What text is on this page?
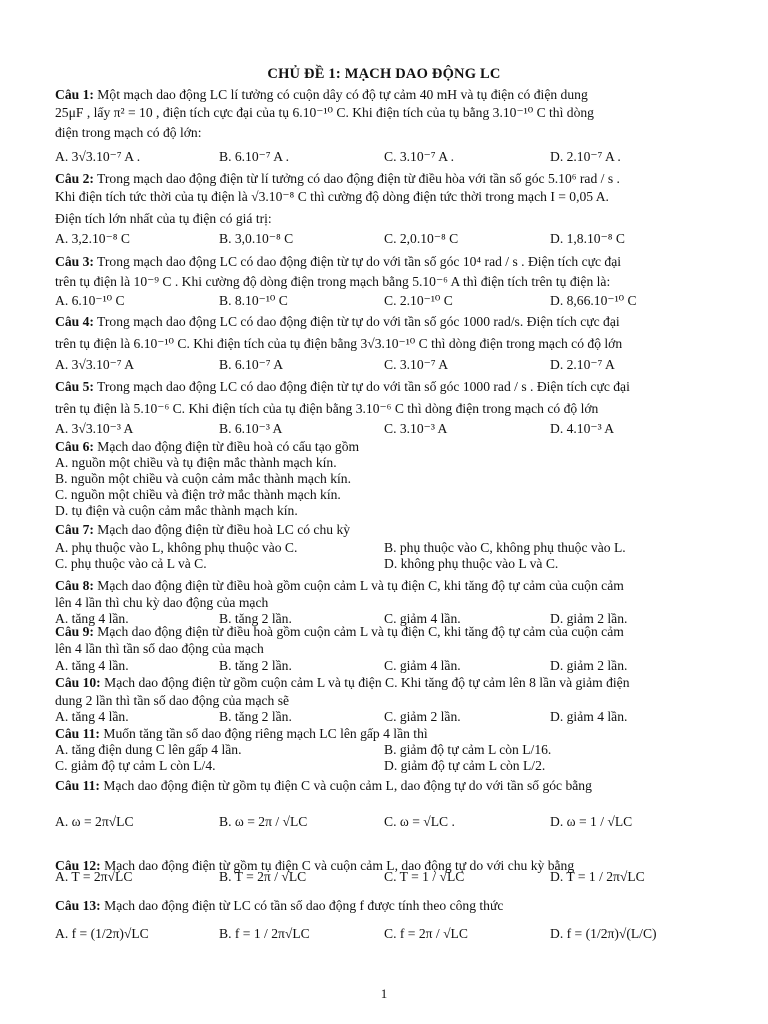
CHỦ ĐỀ 1: MẠCH DAO ĐỘNG LC
Câu 1: Một mạch dao động LC lí tưởng có cuộn dây có độ tự cảm 40 mH và tụ điện có điện dung
25μF , lấy π² = 10 , điện tích cực đại của tụ 6.10⁻¹⁰ C. Khi điện tích của tụ bằng 3.10⁻¹⁰ C thì dòng
điện trong mạch có độ lớn:
A. 3√3.10⁻⁷ A .	B. 6.10⁻⁷ A .	C. 3.10⁻⁷ A .	D. 2.10⁻⁷ A .
Câu 2: Trong mạch dao động điện từ lí tưởng có dao động điện từ điều hòa với tần số góc 5.10⁶ rad / s .
Khi điện tích tức thời của tụ điện là √3.10⁻⁸ C thì cường độ dòng điện tức thời trong mạch I = 0,05 A.
Điện tích lớn nhất của tụ điện có giá trị:
A. 3,2.10⁻⁸ C	B. 3,0.10⁻⁸ C	C. 2,0.10⁻⁸ C	D. 1,8.10⁻⁸ C
Câu 3: Trong mạch dao động LC có dao động điện từ tự do với tần số góc 10⁴ rad / s . Điện tích cực đại
trên tụ điện là 10⁻⁹ C . Khi cường độ dòng điện trong mạch bằng 5.10⁻⁶ A thì điện tích trên tụ điện là:
A. 6.10⁻¹⁰ C	B. 8.10⁻¹⁰ C	C. 2.10⁻¹⁰ C	D. 8,66.10⁻¹⁰ C
Câu 4: Trong mạch dao động LC có dao động điện từ tự do với tần số góc 1000 rad/s. Điện tích cực đại
trên tụ điện là 6.10⁻¹⁰ C. Khi điện tích của tụ điện bằng 3√3.10⁻¹⁰ C thì dòng điện trong mạch có độ lớn
A. 3√3.10⁻⁷ A	B. 6.10⁻⁷ A	C. 3.10⁻⁷ A	D. 2.10⁻⁷ A
Câu 5: Trong mạch dao động LC có dao động điện từ tự do với tần số góc 1000 rad / s . Điện tích cực đại
trên tụ điện là 5.10⁻⁶ C. Khi điện tích của tụ điện bằng 3.10⁻⁶ C thì dòng điện trong mạch có độ lớn
A. 3√3.10⁻³ A	B. 6.10⁻³ A	C. 3.10⁻³ A	D. 4.10⁻³ A
Câu 6: Mạch dao động điện từ điều hoà có cấu tạo gồm
A. nguồn một chiều và tụ điện mắc thành mạch kín.
B. nguồn một chiều và cuộn cảm mắc thành mạch kín.
C. nguồn một chiều và điện trở mắc thành mạch kín.
D. tụ điện và cuộn cảm mắc thành mạch kín.
Câu 7: Mạch dao động điện từ điều hoà LC có chu kỳ
A. phụ thuộc vào L, không phụ thuộc vào C.	B. phụ thuộc vào C, không phụ thuộc vào L.
C. phụ thuộc vào cả L và C.	D. không phụ thuộc vào L và C.
Câu 8: Mạch dao động điện từ điều hoà gồm cuộn cảm L và tụ điện C, khi tăng độ tự cảm của cuộn cảm
lên 4 lần thì chu kỳ dao động của mạch
A. tăng 4 lần.	B. tăng 2 lần.	C. giảm 4 lần.	D. giảm 2 lần.
Câu 9: Mạch dao động điện từ điều hoà gồm cuộn cảm L và tụ điện C, khi tăng độ tự cảm của cuộn cảm
lên 4 lần thì tần số dao động của mạch
A. tăng 4 lần.	B. tăng 2 lần.	C. giảm 4 lần.	D. giảm 2 lần.
Câu 10: Mạch dao động điện từ gồm cuộn cảm L và tụ điện C. Khi tăng độ tự cảm lên 8 lần và giảm điện
dung 2 lần thì tần số dao động của mạch sẽ
A. tăng 4 lần.	B. tăng 2 lần.	C. giảm 2 lần.	D. giảm 4 lần.
Câu 11: Muốn tăng tần số dao động riêng mạch LC lên gấp 4 lần thì
A. tăng điện dung C lên gấp 4 lần.	B. giảm độ tự cảm L còn L/16.
C. giảm độ tự cảm L còn L/4.	D. giảm độ tự cảm L còn L/2.
Câu 11: Mạch dao động điện từ gồm tụ điện C và cuộn cảm L, dao động tự do với tần số góc bằng
A. ω = 2π√LC	B. ω = 2π / √LC	C. ω = √LC .	D. ω = 1 / √LC
Câu 12: Mạch dao động điện từ gồm tụ điện C và cuộn cảm L, dao động tự do với chu kỳ bằng
A. T = 2π√LC	B. T = 2π / √LC	C. T = 1 / √LC	D. T = 1 / 2π√LC
Câu 13: Mạch dao động điện từ LC có tần số dao động f được tính theo công thức
A. f = (1/2π)√LC	B. f = 1 / 2π√LC	C. f = 2π / √LC	D. f = (1/2π)√(L/C)
1
